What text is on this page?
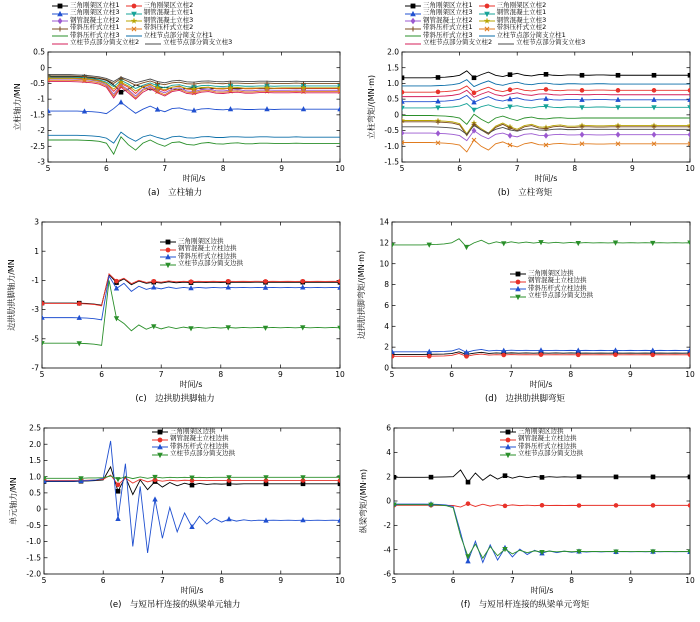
5	6	7	8	9	10
-3
-2.5
-2
-1.5
-1
-0.5
0
0.5
时间/s
立柱轴力/MN
(a)　立柱轴力
三角刚架区立柱1	三角刚架区立柱2
三角刚架区立柱3	钢管混凝土立柱1
钢管混凝土立柱2	钢管混凝土立柱3
带斜压杆式立柱1	带斜压杆式立柱2
带斜压杆式立柱3	立柱节点部分简支立柱1
立柱节点部分简支立柱2	立柱节点部分简支立柱3
5	6	7	8	9	10
-1.5
-1.0
-0.5
0
0.5
1.0
1.5
2.0
时间/s
立柱弯矩/(MN·m)
(b)　立柱弯矩
三角刚架区立柱1	三角刚架区立柱2
三角刚架区立柱3	钢管混凝土立柱1
钢管混凝土立柱2	钢管混凝土立柱3
带斜压杆式立柱1	带斜压杆式立柱2
带斜压杆式立柱3	立柱节点部分简支立柱1
立柱节点部分简支立柱2	立柱节点部分简支立柱3
5	6	7	8	9	10
-7
-5
-3
-1
1
3
时间/s
边拱肋拱脚轴力/MN
(c)　边拱肋拱脚轴力
三角刚架区边拱
钢管混凝土立柱边拱
带斜压杆式立柱边拱
立柱节点部分简支边拱
5	6	7	8	9	10
0
2
4
6
8
10
12
14
时间/s
边拱肋拱脚弯矩/(MN·m)
(d)　边拱肋拱脚弯矩
三角刚架区边拱
钢管混凝土立柱边拱
带斜压杆式立柱边拱
立柱节点部分简支边拱
5	6	7	8	9	10
-2.0
-1.5
-1.0
-0.5
0
0.5
1.0
1.5
2.0
2.5
时间/s
单元轴力/MN
(e)　与短吊杆连接的纵梁单元轴力
三角刚架区边拱
钢管混凝土立柱边拱
带斜压杆式立柱边拱
立柱节点部分简支边拱
5	6	7	8	9	10
-6
-4
-2
0
2
4
6
时间/s
纵梁弯矩/(MN·m)
(f)　与短吊杆连接的纵梁单元弯矩
三角刚架区边拱
钢管混凝土立柱边拱
带斜压杆式立柱边拱
立柱节点部分简支边拱
